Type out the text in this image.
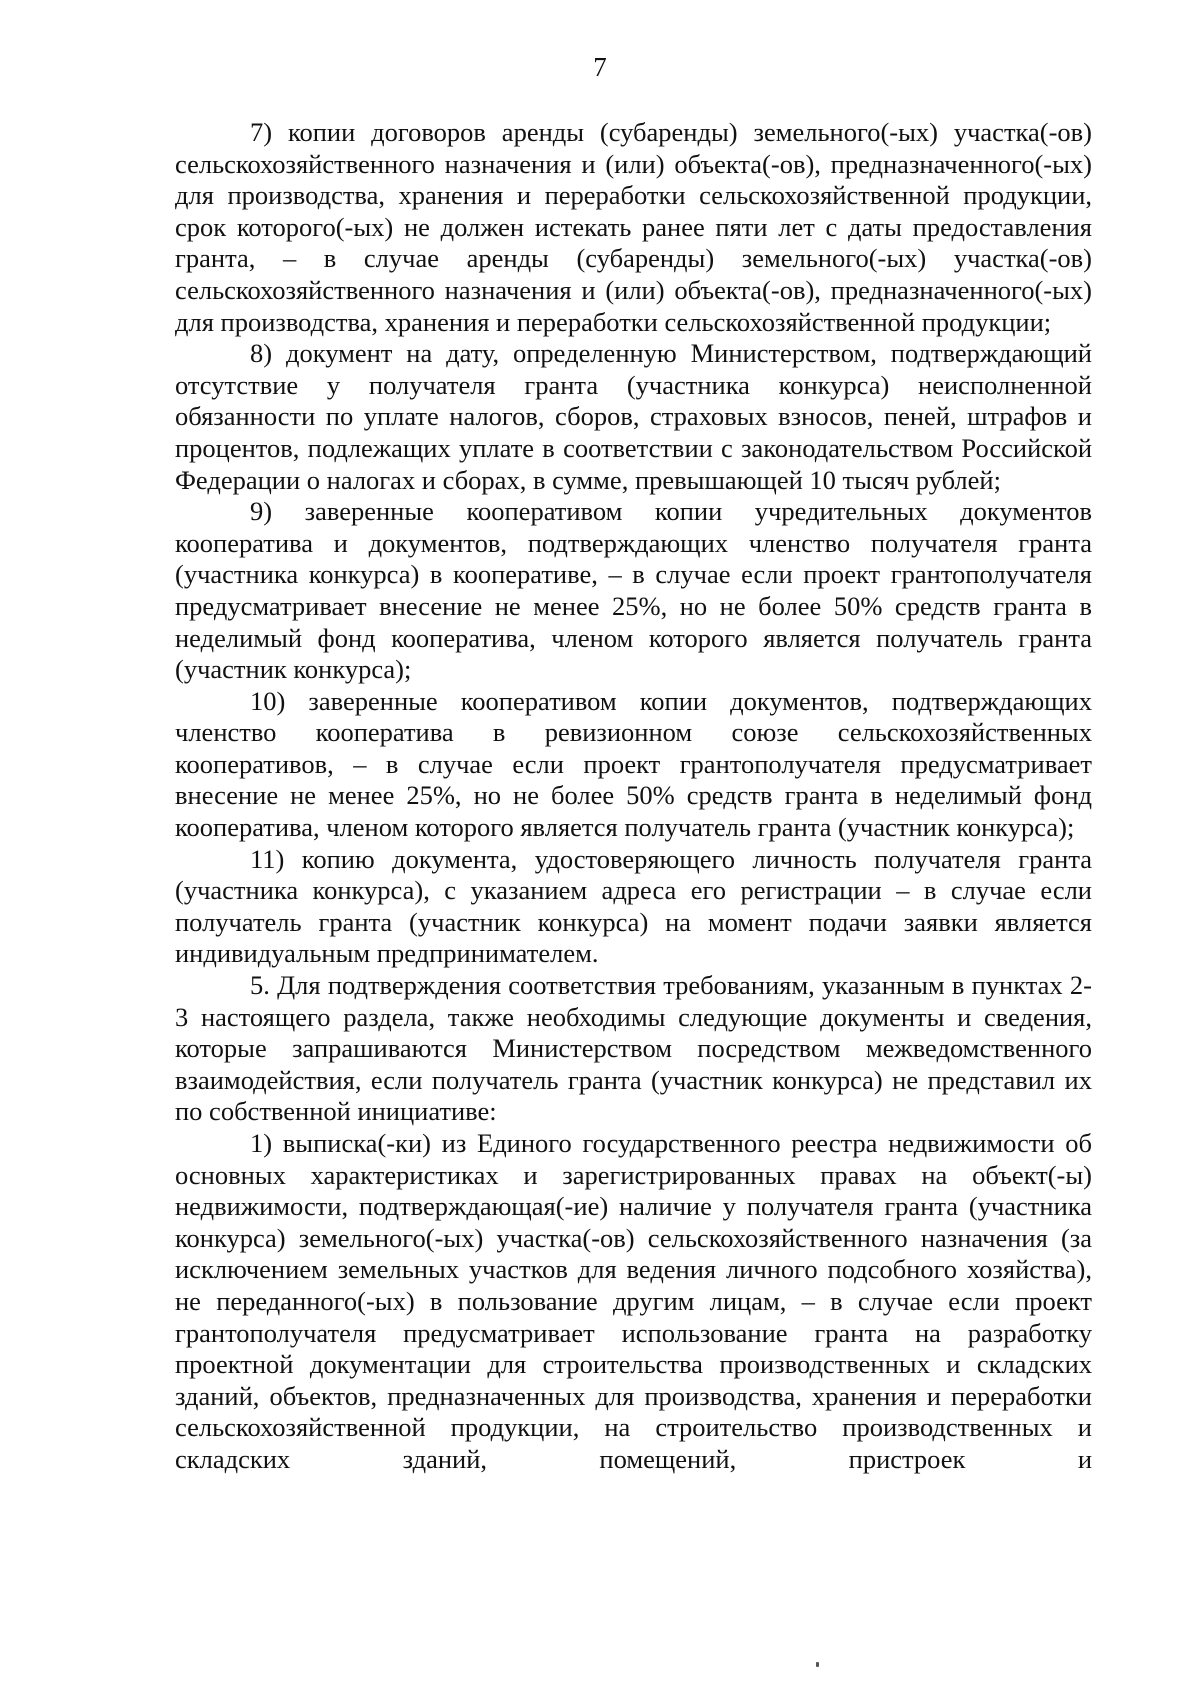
7

7) копии договоров аренды (субаренды) земельного(-ых) участка(-ов) сельскохозяйственного назначения и (или) объекта(-ов), предназначенного(-ых) для производства, хранения и переработки сельскохозяйственной продукции, срок которого(-ых) не должен истекать ранее пяти лет с даты предоставления гранта, – в случае аренды (субаренды) земельного(-ых) участка(-ов) сельскохозяйственного назначения и (или) объекта(-ов), предназначенного(-ых) для производства, хранения и переработки сельскохозяйственной продукции;

8) документ на дату, определенную Министерством, подтверждающий отсутствие у получателя гранта (участника конкурса) неисполненной обязанности по уплате налогов, сборов, страховых взносов, пеней, штрафов и процентов, подлежащих уплате в соответствии с законодательством Российской Федерации о налогах и сборах, в сумме, превышающей 10 тысяч рублей;

9) заверенные кооперативом копии учредительных документов кооператива и документов, подтверждающих членство получателя гранта (участника конкурса) в кооперативе, – в случае если проект грантополучателя предусматривает внесение не менее 25%, но не более 50% средств гранта в неделимый фонд кооператива, членом которого является получатель гранта (участник конкурса);

10) заверенные кооперативом копии документов, подтверждающих членство кооператива в ревизионном союзе сельскохозяйственных кооперативов, – в случае если проект грантополучателя предусматривает внесение не менее 25%, но не более 50% средств гранта в неделимый фонд кооператива, членом которого является получатель гранта (участник конкурса);

11) копию документа, удостоверяющего личность получателя гранта (участника конкурса), с указанием адреса его регистрации – в случае если получатель гранта (участник конкурса) на момент подачи заявки является индивидуальным предпринимателем.

5. Для подтверждения соответствия требованиям, указанным в пунктах 2-3 настоящего раздела, также необходимы следующие документы и сведения, которые запрашиваются Министерством посредством межведомственного взаимодействия, если получатель гранта (участник конкурса) не представил их по собственной инициативе:

1) выписка(-ки) из Единого государственного реестра недвижимости об основных характеристиках и зарегистрированных правах на объект(-ы) недвижимости, подтверждающая(-ие) наличие у получателя гранта (участника конкурса) земельного(-ых) участка(-ов) сельскохозяйственного назначения (за исключением земельных участков для ведения личного подсобного хозяйства), не переданного(-ых) в пользование другим лицам, – в случае если проект грантополучателя предусматривает использование гранта на разработку проектной документации для строительства производственных и складских зданий, объектов, предназначенных для производства, хранения и переработки сельскохозяйственной продукции, на строительство производственных и складских зданий, помещений, пристроек и
